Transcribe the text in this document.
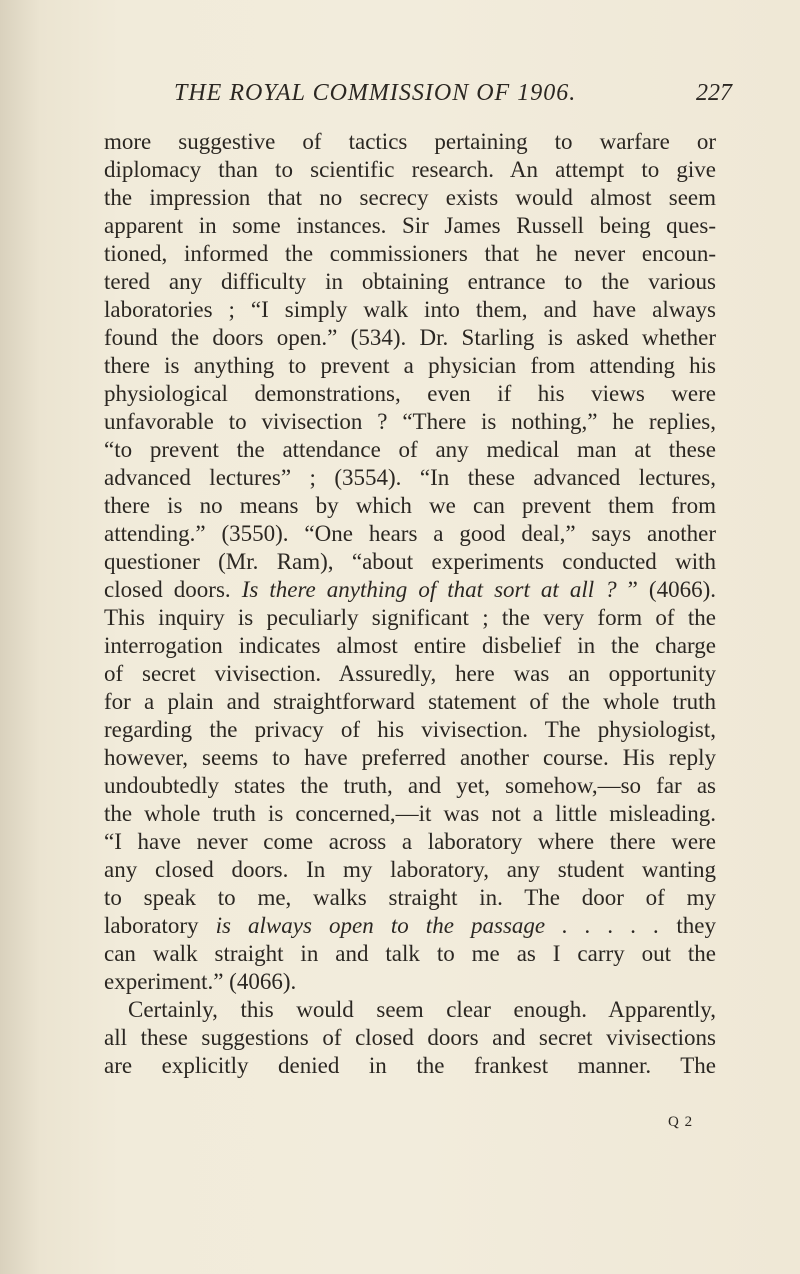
THE ROYAL COMMISSION OF 1906.	227
more suggestive of tactics pertaining to warfare or
diplomacy than to scientific research. An attempt to give
the impression that no secrecy exists would almost seem
apparent in some instances. Sir James Russell being ques-
tioned, informed the commissioners that he never encoun-
tered any difficulty in obtaining entrance to the various
laboratories ; “I simply walk into them, and have always
found the doors open.” (534). Dr. Starling is asked whether
there is anything to prevent a physician from attending his
physiological demonstrations, even if his views were
unfavorable to vivisection ? “There is nothing,” he replies,
“to prevent the attendance of any medical man at these
advanced lectures” ; (3554). “In these advanced lectures,
there is no means by which we can prevent them from
attending.” (3550). “One hears a good deal,” says another
questioner (Mr. Ram), “about experiments conducted with
closed doors. Is there anything of that sort at all ? ” (4066).
This inquiry is peculiarly significant ; the very form of the
interrogation indicates almost entire disbelief in the charge
of secret vivisection. Assuredly, here was an opportunity
for a plain and straightforward statement of the whole truth
regarding the privacy of his vivisection. The physiologist,
however, seems to have preferred another course. His reply
undoubtedly states the truth, and yet, somehow,—so far as
the whole truth is concerned,—it was not a little misleading.
“I have never come across a laboratory where there were
any closed doors. In my laboratory, any student wanting
to speak to me, walks straight in. The door of my
laboratory is always open to the passage . . . . . they
can walk straight in and talk to me as I carry out the
experiment.” (4066).
Certainly, this would seem clear enough. Apparently,
all these suggestions of closed doors and secret vivisections
are explicitly denied in the frankest manner. The
Q 2
